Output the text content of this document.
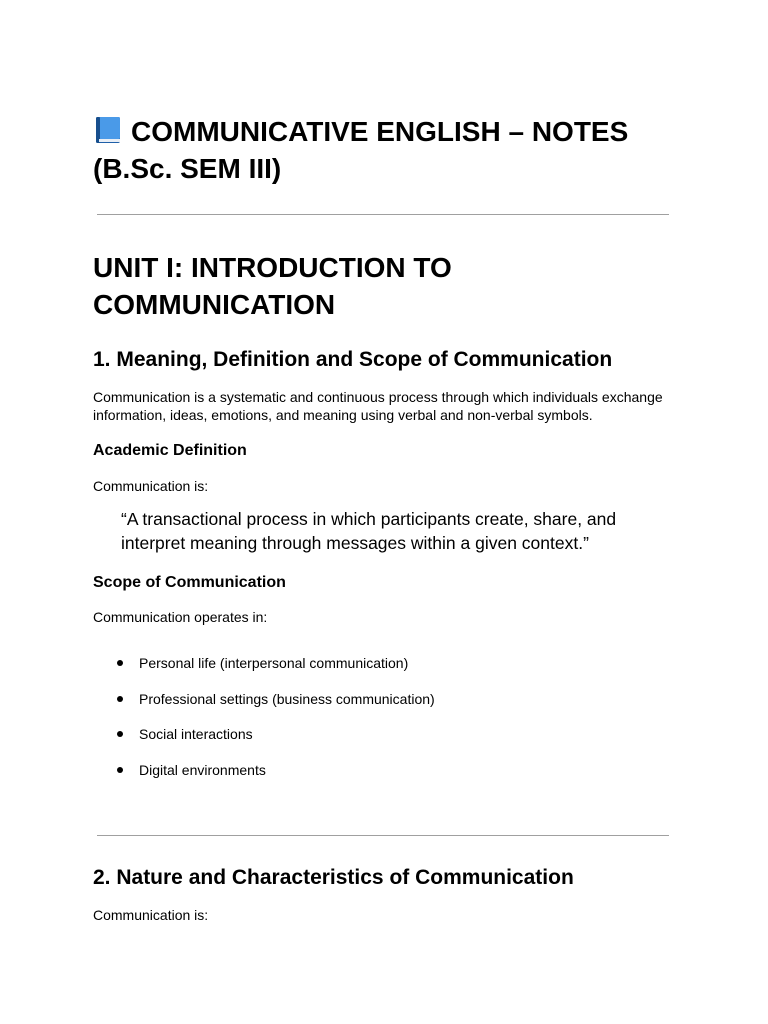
COMMUNICATIVE ENGLISH – NOTES (B.Sc. SEM III)
UNIT I: INTRODUCTION TO COMMUNICATION
1. Meaning, Definition and Scope of Communication

Communication is a systematic and continuous process through which individuals exchange information, ideas, emotions, and meaning using verbal and non-verbal symbols.

Academic Definition

Communication is:

“A transactional process in which participants create, share, and interpret meaning through messages within a given context.”
Scope of Communication

Communication operates in:

Personal life (interpersonal communication)
Professional settings (business communication)
Social interactions
Digital environments
2. Nature and Characteristics of Communication

Communication is:
